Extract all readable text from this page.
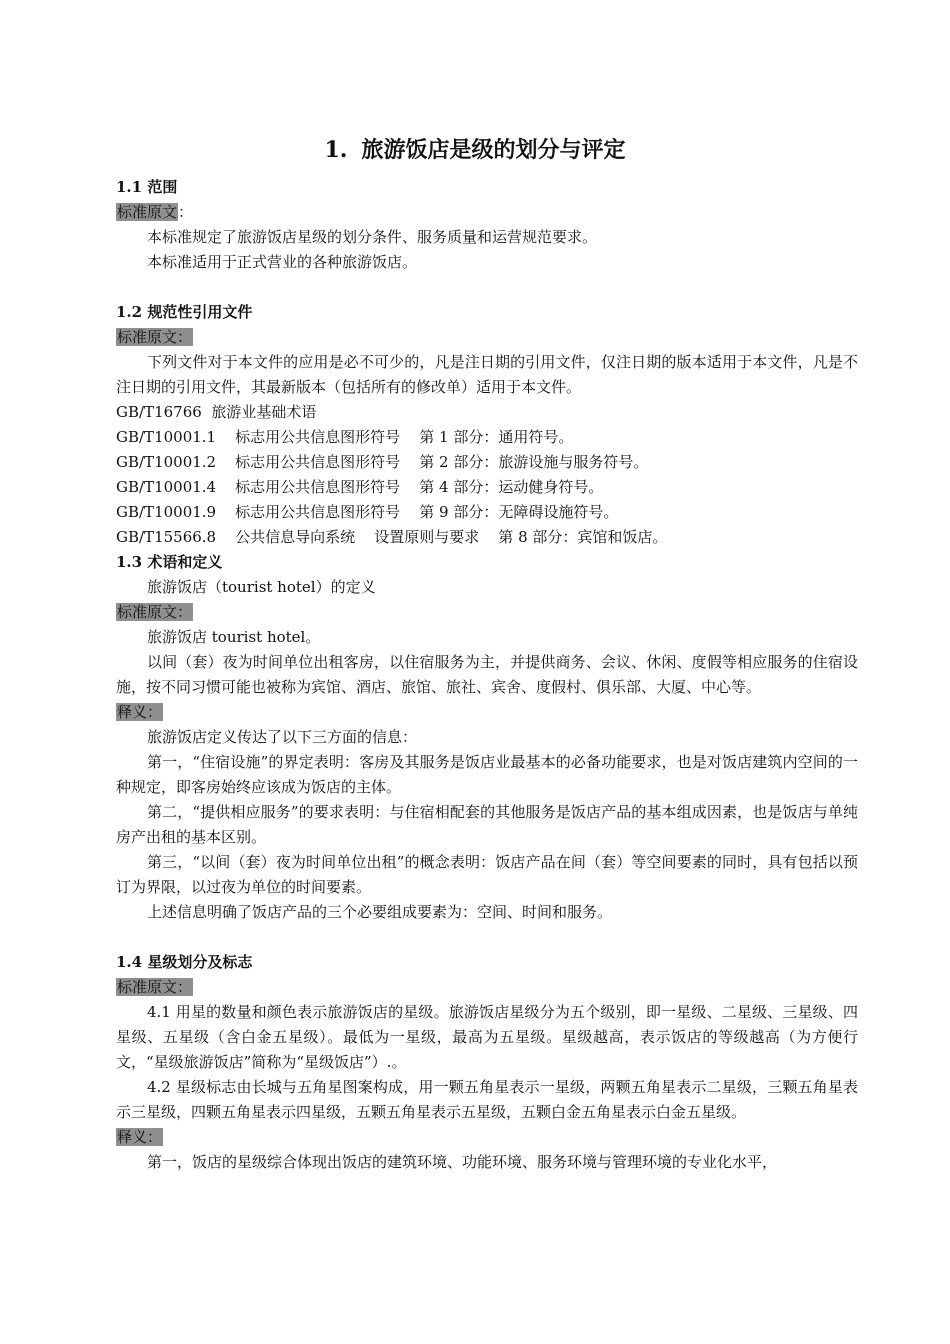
1. 旅游饭店是级的划分与评定

1.1 范围

标准原文：

本标准规定了旅游饭店星级的划分条件、服务质量和运营规范要求。

本标准适用于正式营业的各种旅游饭店。

1.2 规范性引用文件

标准原文：

下列文件对于本文件的应用是必不可少的，凡是注日期的引用文件，仅注日期的版本适用于本文件，凡是不注日期的引用文件，其最新版本（包括所有的修改单）适用于本文件。

GB/T16766  旅游业基础术语

GB/T10001.1    标志用公共信息图形符号    第 1 部分：通用符号。

GB/T10001.2    标志用公共信息图形符号    第 2 部分：旅游设施与服务符号。

GB/T10001.4    标志用公共信息图形符号    第 4 部分：运动健身符号。

GB/T10001.9    标志用公共信息图形符号    第 9 部分：无障碍设施符号。

GB/T15566.8    公共信息导向系统    设置原则与要求    第 8 部分：宾馆和饭店。

1.3 术语和定义

旅游饭店（tourist hotel）的定义

标准原文：

旅游饭店 tourist hotel。

以间（套）夜为时间单位出租客房，以住宿服务为主，并提供商务、会议、休闲、度假等相应服务的住宿设施，按不同习惯可能也被称为宾馆、酒店、旅馆、旅社、宾舍、度假村、俱乐部、大厦、中心等。

释义：

旅游饭店定义传达了以下三方面的信息：

第一，“住宿设施”的界定表明：客房及其服务是饭店业最基本的必备功能要求，也是对饭店建筑内空间的一种规定，即客房始终应该成为饭店的主体。

第二，“提供相应服务”的要求表明：与住宿相配套的其他服务是饭店产品的基本组成因素，也是饭店与单纯房产出租的基本区别。

第三，“以间（套）夜为时间单位出租”的概念表明：饭店产品在间（套）等空间要素的同时，具有包括以预订为界限，以过夜为单位的时间要素。

上述信息明确了饭店产品的三个必要组成要素为：空间、时间和服务。

1.4 星级划分及标志

标准原文：

4.1 用星的数量和颜色表示旅游饭店的星级。旅游饭店星级分为五个级别，即一星级、二星级、三星级、四星级、五星级（含白金五星级）。最低为一星级，最高为五星级。星级越高，表示饭店的等级越高（为方便行文，“星级旅游饭店”简称为“星级饭店”）.。

4.2 星级标志由长城与五角星图案构成，用一颗五角星表示一星级，两颗五角星表示二星级，三颗五角星表示三星级，四颗五角星表示四星级，五颗五角星表示五星级，五颗白金五角星表示白金五星级。

释义：

第一，饭店的星级综合体现出饭店的建筑环境、功能环境、服务环境与管理环境的专业化水平，
